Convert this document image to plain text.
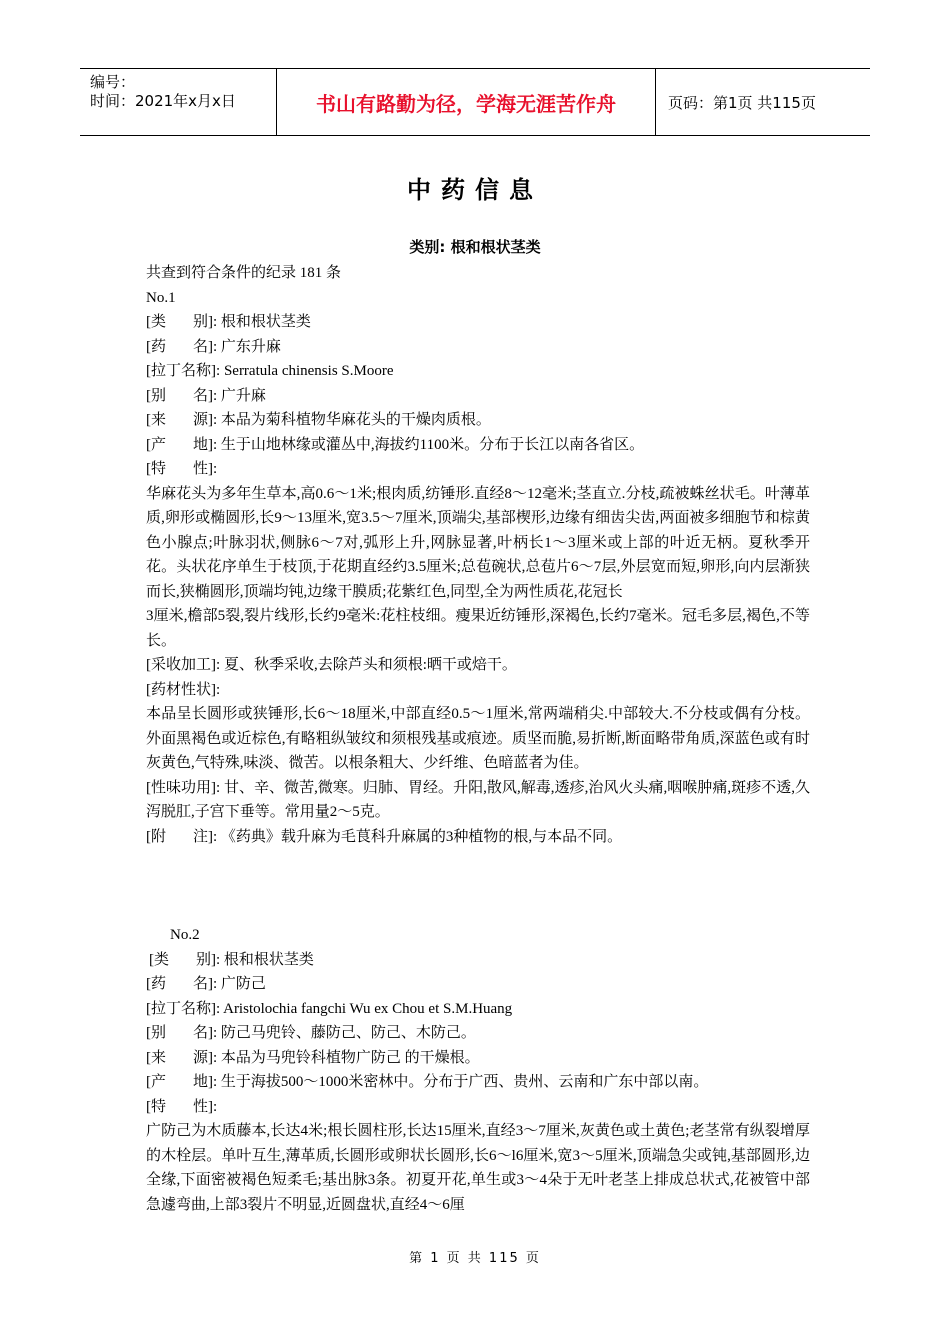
编号：
时间：2021年x月x日	书山有路勤为径，学海无涯苦作舟	页码：第1页 共115页
中药信息
类别: 根和根状茎类
共查到符合条件的纪录 181 条
No.1
[ 类 别 ]: 根和根状茎类
[ 药 名 ]: 广东升麻
[拉丁名称]: Serratula chinensis S.Moore
[ 别 名 ]: 广升麻
[ 来 源 ]: 本品为菊科植物华麻花头的干燥肉质根。
[ 产 地 ]: 生于山地林缘或灌丛中,海拔约1100米。分布于长江以南各省区。
[ 特 性 ]:
华麻花头为多年生草本,高0.6～1米;根肉质,纺锤形.直经8～12毫米;茎直立.分枝,疏被蛛丝状毛。叶薄革质,卵形或椭圆形,长9～13厘米,宽3.5～7厘米,顶端尖,基部楔形,边缘有细齿尖齿,两面被多细胞节和棕黄色小腺点;叶脉羽状,侧脉6～7对,弧形上升,网脉显著,叶柄长1～3厘米或上部的叶近无柄。夏秋季开花。头状花序单生于枝顶,于花期直经约3.5厘米;总苞碗状,总苞片6～7层,外层宽而短,卵形,向内层渐狭而长,狭椭圆形,顶端均钝,边缘干膜质;花紫红色,同型,全为两性质花,花冠长
3厘米,檐部5裂,裂片线形,长约9毫米:花柱枝细。瘦果近纺锤形,深褐色,长约7毫米。冠毛多层,褐色,不等长。
[采收加工]: 夏、秋季采收,去除芦头和须根:晒干或焙干。
[药材性状]:
本品呈长圆形或狭锤形,长6～18厘米,中部直经0.5～1厘米,常两端稍尖.中部较大.不分枝或偶有分枝。外面黑褐色或近棕色,有略粗纵皱纹和须根残基或痕迹。质坚而脆,易折断,断面略带角质,深蓝色或有时灰黄色,气特殊,味淡、微苦。以根条粗大、少纤维、色暗蓝者为佳。
[性味功用]: 甘、辛、微苦,微寒。归肺、胃经。升阳,散风,解毒,透疹,治风火头痛,咽喉肿痛,斑疹不透,久泻脱肛,子宫下垂等。常用量2～5克。
[ 附 注 ]: 《药典》载升麻为毛茛科升麻属的3种植物的根,与本品不同。
No.2
[ 类 别 ]: 根和根状茎类
[ 药 名 ]: 广防己
[拉丁名称]: Aristolochia fangchi Wu ex Chou et S.M.Huang
[ 别 名 ]: 防己马兜铃、藤防己、防己、木防己。
[ 来 源 ]: 本品为马兜铃科植物广防己 的干燥根。
[ 产 地 ]: 生于海拔500～1000米密林中。分布于广西、贵州、云南和广东中部以南。
[ 特 性 ]:
广防己为木质藤本,长达4米;根长圆柱形,长达15厘米,直经3～7厘米,灰黄色或土黄色;老茎常有纵裂增厚的木栓层。单叶互生,薄革质,长圆形或卵状长圆形,长6～l6厘米,宽3～5厘米,顶端急尖或钝,基部圆形,边全缘,下面密被褐色短柔毛;基出脉3条。初夏开花,单生或3～4朵于无叶老茎上排成总状式,花被管中部急遽弯曲,上部3裂片不明显,近圆盘状,直经4～6厘
第 1 页 共 115 页
